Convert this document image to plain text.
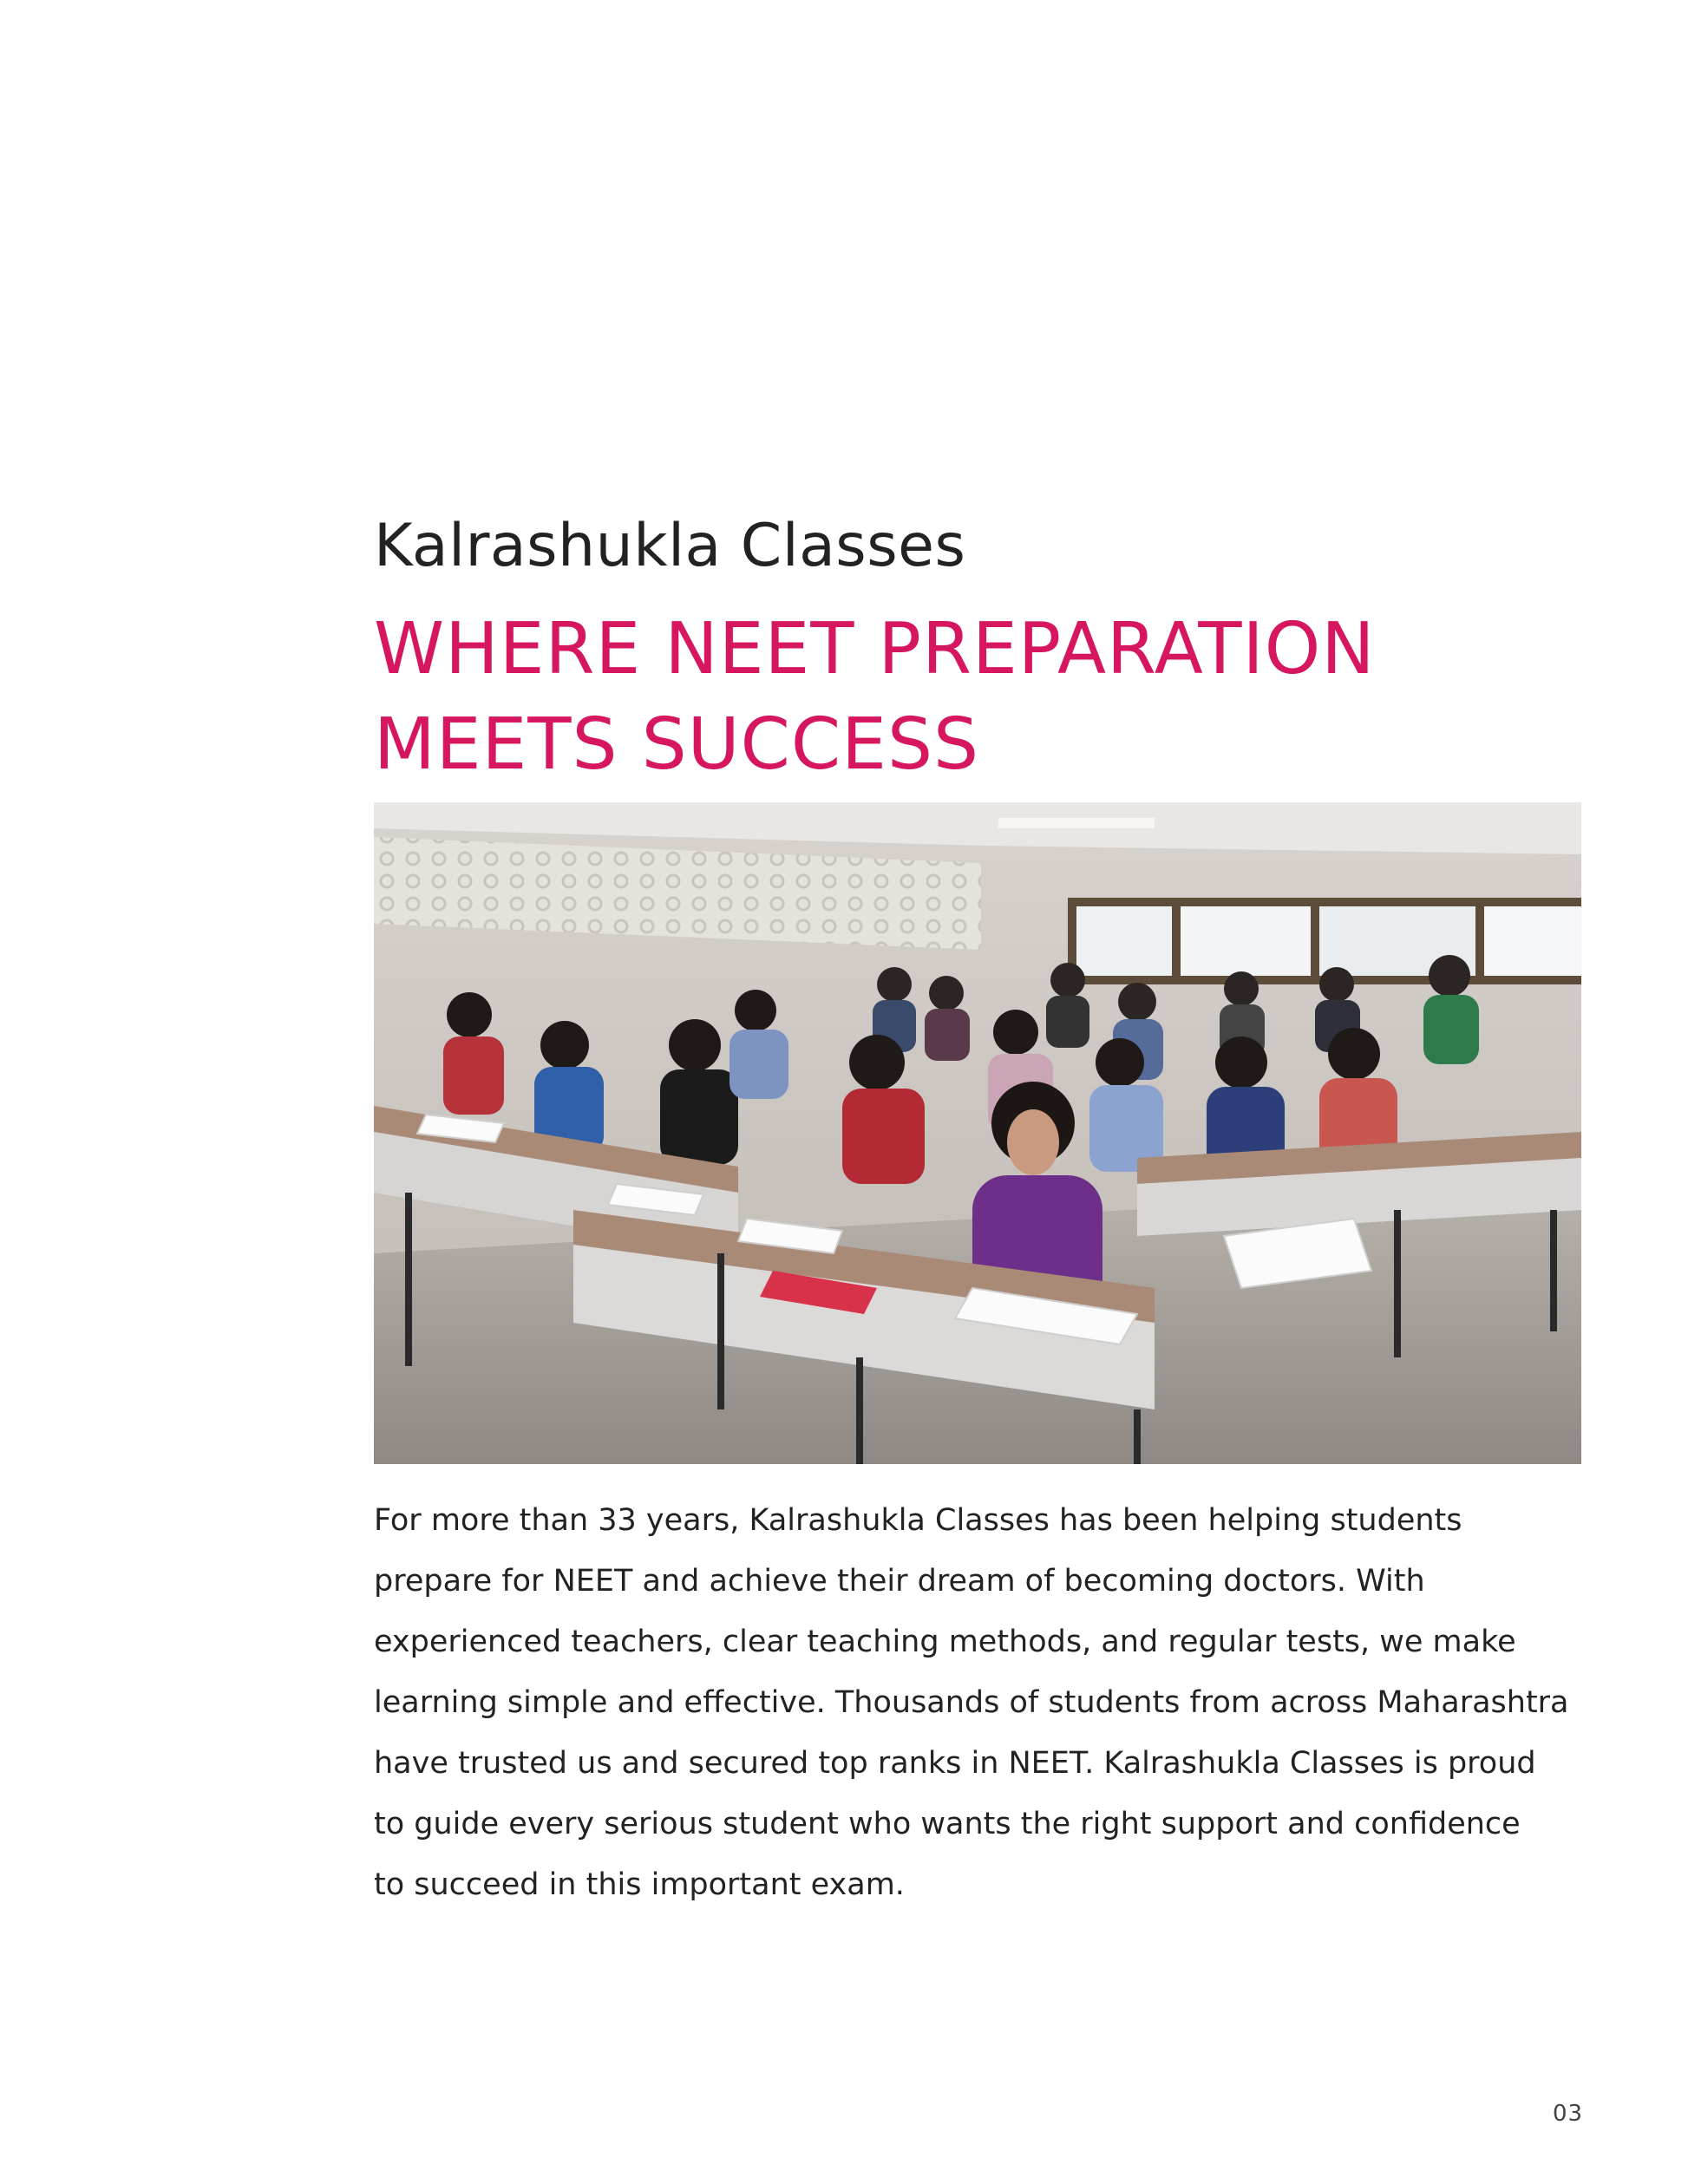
Kalrashukla Classes
WHERE NEET PREPARATION
MEETS SUCCESS

For more than 33 years, Kalrashukla Classes has been helping students
prepare for NEET and achieve their dream of becoming doctors. With
experienced teachers, clear teaching methods, and regular tests, we make
learning simple and effective. Thousands of students from across Maharashtra
have trusted us and secured top ranks in NEET. Kalrashukla Classes is proud
to guide every serious student who wants the right support and confidence
to succeed in this important exam.

03
